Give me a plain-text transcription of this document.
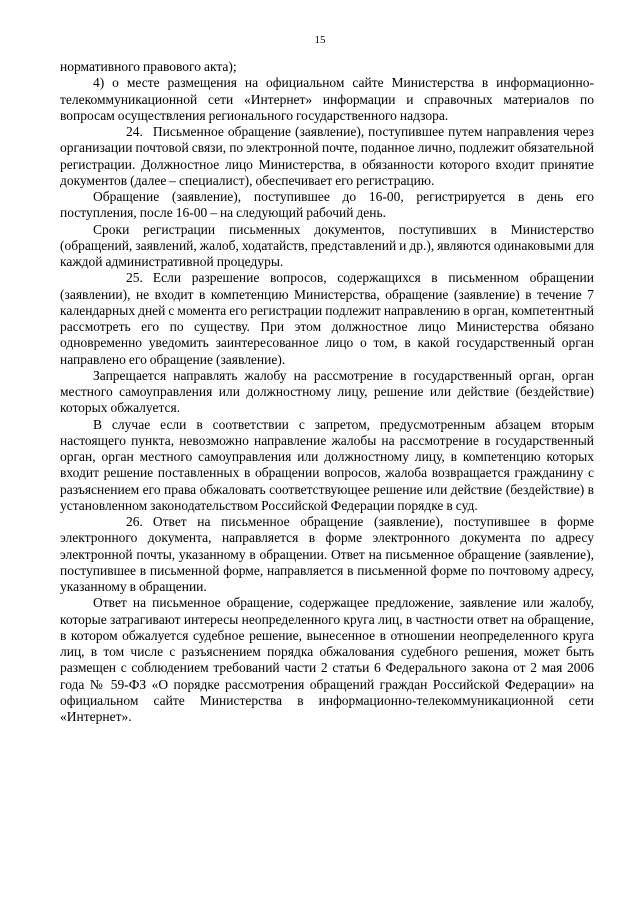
15

нормативного правового акта);

4) о месте размещения на официальном сайте Министерства в информационно-телекоммуникационной сети «Интернет» информации и справочных материалов по вопросам осуществления регионального государственного надзора.

24. Письменное обращение (заявление), поступившее путем направления через организации почтовой связи, по электронной почте, поданное лично, подлежит обязательной регистрации. Должностное лицо Министерства, в обязанности которого входит принятие документов (далее – специалист), обеспечивает его регистрацию.

Обращение (заявление), поступившее до 16-00, регистрируется в день его поступления, после 16-00 – на следующий рабочий день.

Сроки регистрации письменных документов, поступивших в Министерство (обращений, заявлений, жалоб, ходатайств, представлений и др.), являются одинаковыми для каждой административной процедуры.

25. Если разрешение вопросов, содержащихся в письменном обращении (заявлении), не входит в компетенцию Министерства, обращение (заявление) в течение 7 календарных дней с момента его регистрации подлежит направлению в орган, компетентный рассмотреть его по существу. При этом должностное лицо Министерства обязано одновременно уведомить заинтересованное лицо о том, в какой государственный орган направлено его обращение (заявление).

Запрещается направлять жалобу на рассмотрение в государственный орган, орган местного самоуправления или должностному лицу, решение или действие (бездействие) которых обжалуется.

В случае если в соответствии с запретом, предусмотренным абзацем вторым настоящего пункта, невозможно направление жалобы на рассмотрение в государственный орган, орган местного самоуправления или должностному лицу, в компетенцию которых входит решение поставленных в обращении вопросов, жалоба возвращается гражданину с разъяснением его права обжаловать соответствующее решение или действие (бездействие) в установленном законодательством Российской Федерации порядке в суд.

26. Ответ на письменное обращение (заявление), поступившее в форме электронного документа, направляется в форме электронного документа по адресу электронной почты, указанному в обращении. Ответ на письменное обращение (заявление), поступившее в письменной форме, направляется в письменной форме по почтовому адресу, указанному в обращении.

Ответ на письменное обращение, содержащее предложение, заявление или жалобу, которые затрагивают интересы неопределенного круга лиц, в частности ответ на обращение, в котором обжалуется судебное решение, вынесенное в отношении неопределенного круга лиц, в том числе с разъяснением порядка обжалования судебного решения, может быть размещен с соблюдением требований части 2 статьи 6 Федерального закона от 2 мая 2006 года № 59-ФЗ «О порядке рассмотрения обращений граждан Российской Федерации» на официальном сайте Министерства в информационно-телекоммуникационной сети «Интернет».
